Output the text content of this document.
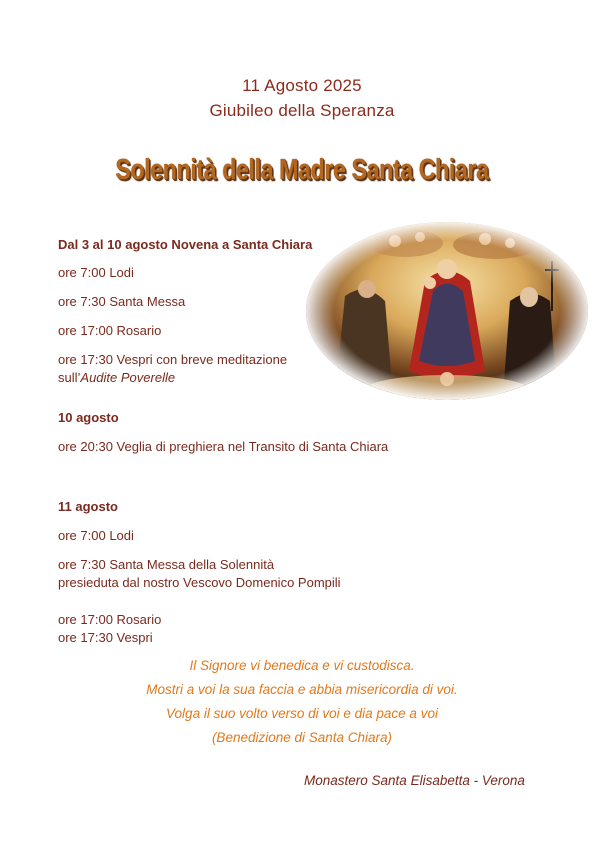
11 Agosto 2025
Giubileo della Speranza
Solennità della Madre Santa Chiara
Dal 3 al 10 agosto Novena a Santa Chiara
ore 7:00 Lodi
ore 7:30 Santa Messa
ore 17:00 Rosario
ore 17:30 Vespri con breve meditazione
sull’Audite Poverelle
10 agosto
ore 20:30 Veglia di preghiera nel Transito di Santa Chiara
11 agosto
ore 7:00 Lodi
ore 7:30 Santa Messa della Solennità
presieduta dal nostro Vescovo Domenico Pompili
ore 17:00 Rosario
ore 17:30 Vespri
Il Signore vi benedica e vi custodisca.
Mostri a voi la sua faccia e abbia misericordia di voi.
Volga il suo volto verso di voi e dia pace a voi
(Benedizione di Santa Chiara)
Monastero Santa Elisabetta - Verona
